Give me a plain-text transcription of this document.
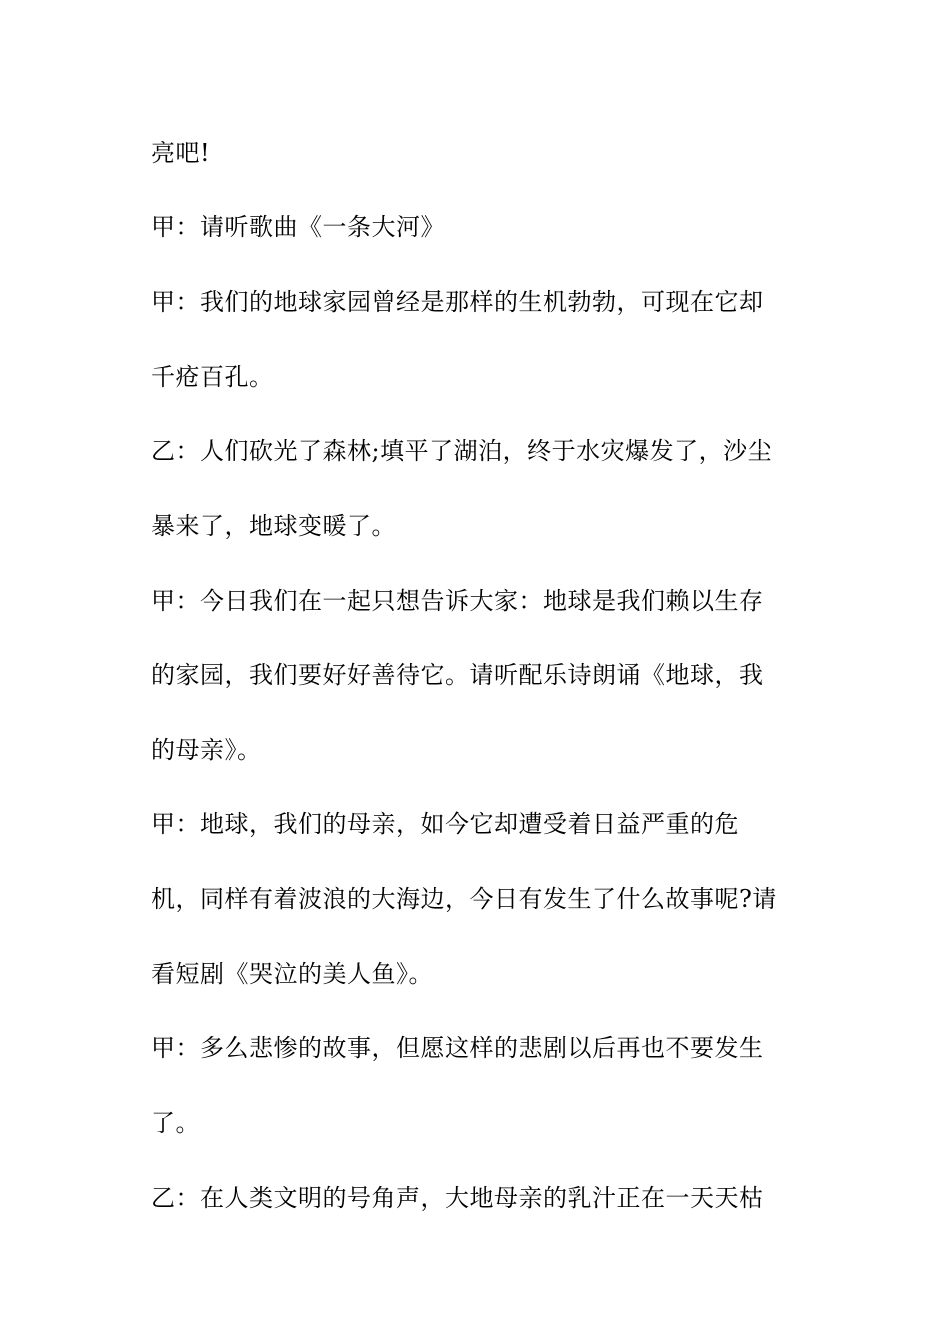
亮吧!
甲：请听歌曲《一条大河》
甲：我们的地球家园曾经是那样的生机勃勃，可现在它却
千疮百孔。
乙：人们砍光了森林;填平了湖泊，终于水灾爆发了，沙尘
暴来了，地球变暖了。
甲：今日我们在一起只想告诉大家：地球是我们赖以生存
的家园，我们要好好善待它。请听配乐诗朗诵《地球，我
的母亲》。
甲：地球，我们的母亲，如今它却遭受着日益严重的危
机，同样有着波浪的大海边，今日有发生了什么故事呢?请
看短剧《哭泣的美人鱼》。
甲：多么悲惨的故事，但愿这样的悲剧以后再也不要发生
了。
乙：在人类文明的号角声，大地母亲的乳汁正在一天天枯
